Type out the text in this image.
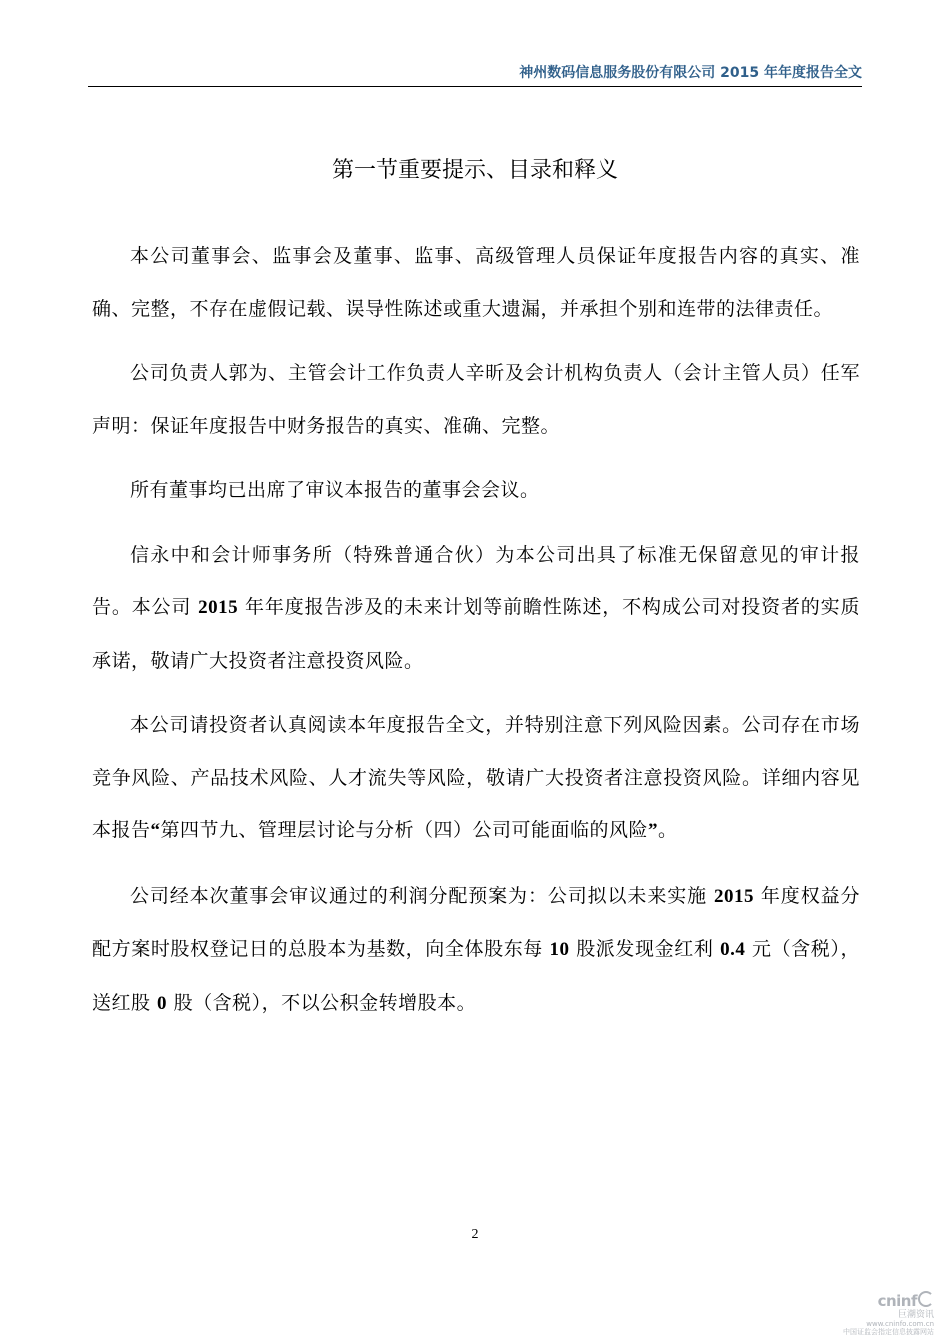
神州数码信息服务股份有限公司 2015 年年度报告全文
第一节重要提示、目录和释义

本公司董事会、监事会及董事、监事、高级管理人员保证年度报告内容的真实、准确、完整，不存在虚假记载、误导性陈述或重大遗漏，并承担个别和连带的法律责任。

公司负责人郭为、主管会计工作负责人辛昕及会计机构负责人（会计主管人员）任军声明：保证年度报告中财务报告的真实、准确、完整。

所有董事均已出席了审议本报告的董事会会议。

信永中和会计师事务所（特殊普通合伙）为本公司出具了标准无保留意见的审计报告。本公司 2015 年年度报告涉及的未来计划等前瞻性陈述，不构成公司对投资者的实质承诺，敬请广大投资者注意投资风险。

本公司请投资者认真阅读本年度报告全文，并特别注意下列风险因素。公司存在市场竞争风险、产品技术风险、人才流失等风险，敬请广大投资者注意投资风险。详细内容见本报告“第四节九、管理层讨论与分析（四）公司可能面临的风险”。

公司经本次董事会审议通过的利润分配预案为：公司拟以未来实施 2015 年度权益分配方案时股权登记日的总股本为基数，向全体股东每 10 股派发现金红利 0.4 元（含税），送红股 0 股（含税），不以公积金转增股本。

2
cninf
巨潮资讯
www.cninfo.com.cn
中国证监会指定信息披露网站
